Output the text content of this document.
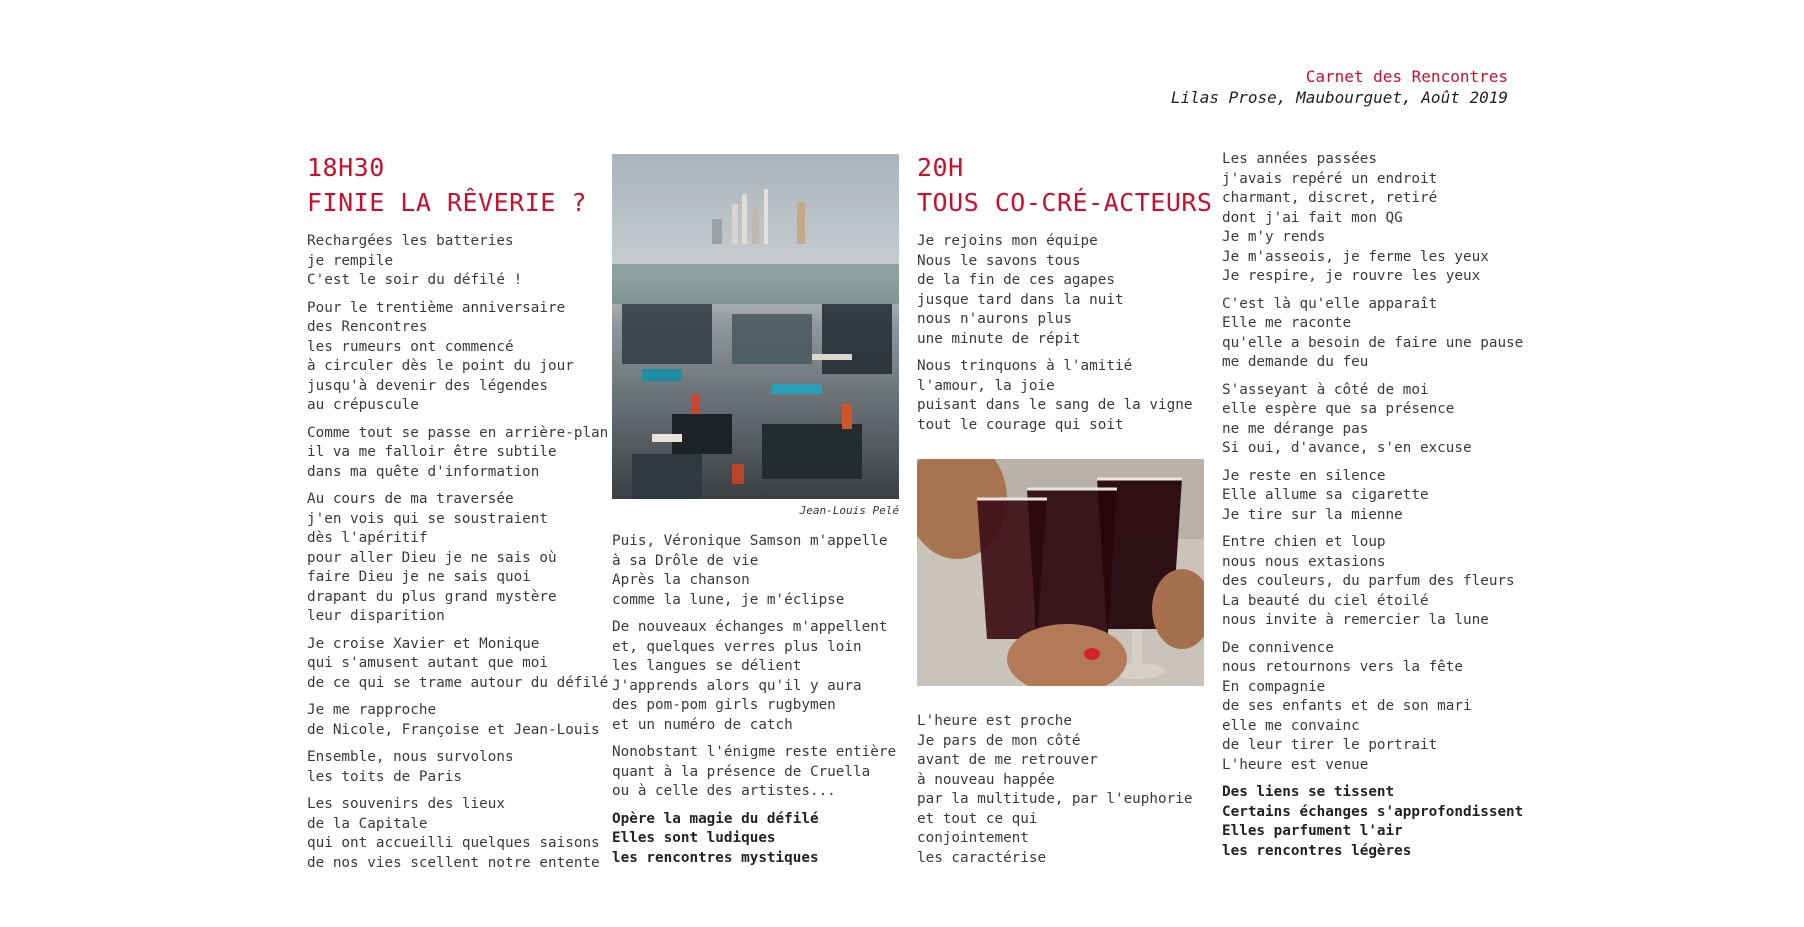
Carnet des Rencontres
Lilas Prose, Maubourguet, Août 2019
18H30
FINIE LA RÊVERIE ?

Rechargées les batteries
je rempile
C'est le soir du défilé !

Pour le trentième anniversaire
des Rencontres
les rumeurs ont commencé
à circuler dès le point du jour
jusqu'à devenir des légendes
au crépuscule

Comme tout se passe en arrière-plan
il va me falloir être subtile
dans ma quête d'information

Au cours de ma traversée
j'en vois qui se soustraient
dès l'apéritif
pour aller Dieu je ne sais où
faire Dieu je ne sais quoi
drapant du plus grand mystère
leur disparition

Je croise Xavier et Monique
qui s'amusent autant que moi
de ce qui se trame autour du défilé

Je me rapproche
de Nicole, Françoise et Jean-Louis

Ensemble, nous survolons
les toits de Paris

Les souvenirs des lieux
de la Capitale
qui ont accueilli quelques saisons
de nos vies scellent notre entente

Jean-Louis Pelé

Puis, Véronique Samson m'appelle
à sa Drôle de vie
Après la chanson
comme la lune, je m'éclipse

De nouveaux échanges m'appellent
et, quelques verres plus loin
les langues se délient
J'apprends alors qu'il y aura
des pom-pom girls rugbymen
et un numéro de catch

Nonobstant l'énigme reste entière
quant à la présence de Cruella
ou à celle des artistes...

Opère la magie du défilé
Elles sont ludiques
les rencontres mystiques

20H
TOUS CO-CRÉ-ACTEURS

Je rejoins mon équipe
Nous le savons tous
de la fin de ces agapes
jusque tard dans la nuit
nous n'aurons plus
une minute de répit

Nous trinquons à l'amitié
l'amour, la joie
puisant dans le sang de la vigne
tout le courage qui soit

L'heure est proche
Je pars de mon côté
avant de me retrouver
à nouveau happée
par la multitude, par l'euphorie
et tout ce qui
conjointement
les caractérise

Les années passées
j'avais repéré un endroit
charmant, discret, retiré
dont j'ai fait mon QG
Je m'y rends
Je m'asseois, je ferme les yeux
Je respire, je rouvre les yeux

C'est là qu'elle apparaît
Elle me raconte
qu'elle a besoin de faire une pause
me demande du feu

S'asseyant à côté de moi
elle espère que sa présence
ne me dérange pas
Si oui, d'avance, s'en excuse

Je reste en silence
Elle allume sa cigarette
Je tire sur la mienne

Entre chien et loup
nous nous extasions
des couleurs, du parfum des fleurs
La beauté du ciel étoilé
nous invite à remercier la lune

De connivence
nous retournons vers la fête
En compagnie
de ses enfants et de son mari
elle me convainc
de leur tirer le portrait
L'heure est venue

Des liens se tissent
Certains échanges s'approfondissent
Elles parfument l'air
les rencontres légères
